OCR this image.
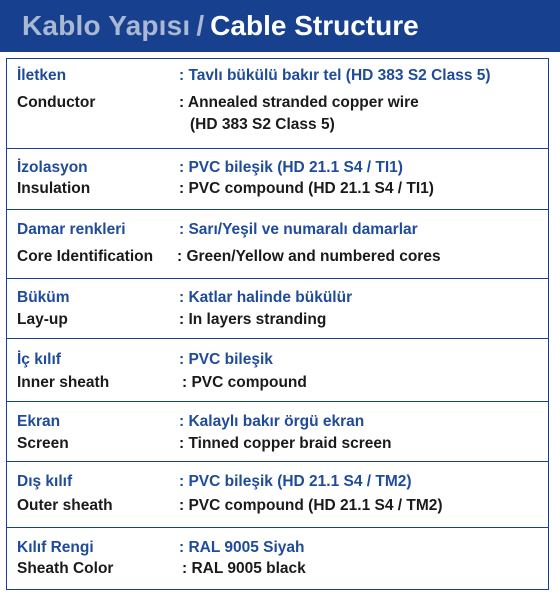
Kablo Yapısı / Cable Structure
İletken	: Tavlı bükülü bakır tel (HD 383 S2 Class 5)
Conductor	: Annealed stranded copper wire
(HD 383 S2 Class 5)
İzolasyon	: PVC bileşik (HD 21.1 S4 / TI1)
Insulation	: PVC compound (HD 21.1 S4 / TI1)
Damar renkleri	: Sarı/Yeşil ve numaralı damarlar
Core Identification : Green/Yellow and numbered cores
Büküm	: Katlar halinde bükülür
Lay-up	: In layers stranding
İç kılıf	: PVC bileşik
Inner sheath	: PVC compound
Ekran	: Kalaylı bakır örgü ekran
Screen	: Tinned copper braid screen
Dış kılıf	: PVC bileşik (HD 21.1 S4 / TM2)
Outer sheath	: PVC compound (HD 21.1 S4 / TM2)
Kılıf Rengi	: RAL 9005 Siyah
Sheath Color	: RAL 9005 black
